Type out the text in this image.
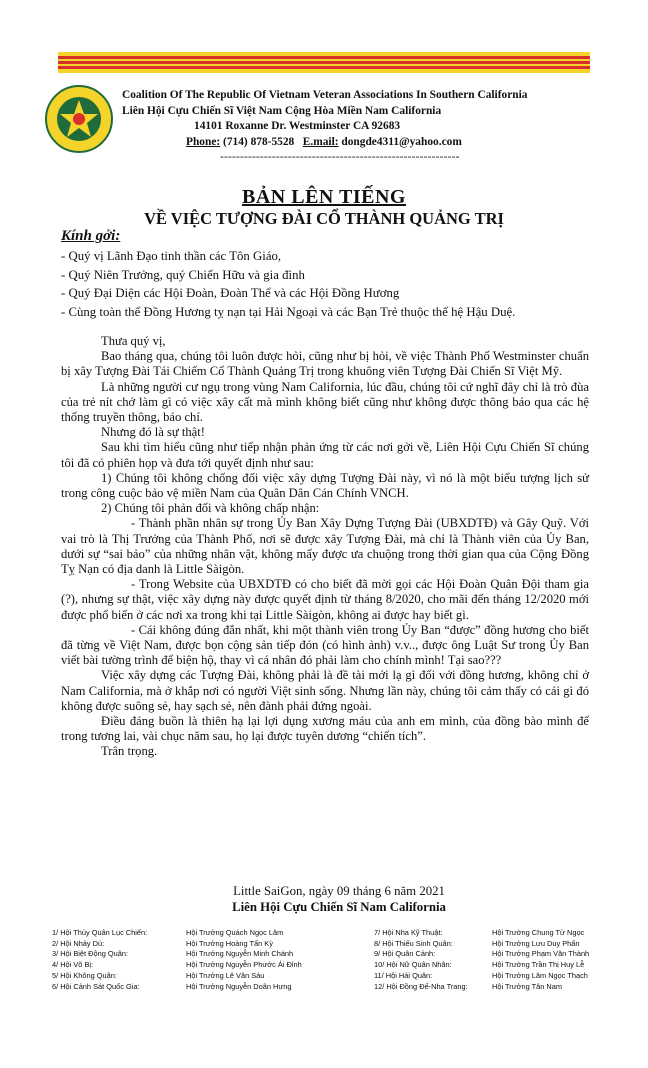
Coalition Of The Republic Of Vietnam Veteran Associations In Southern California
Liên Hội Cựu Chiến Sĩ Việt Nam Cộng Hòa Miền Nam California
14101 Roxanne Dr. Westminster CA 92683
Phone: (714) 878-5528 E.mail: dongde4311@yahoo.com
------------------------------------------------------------
BẢN LÊN TIẾNG
VỀ VIỆC TƯỢNG ĐÀI CỔ THÀNH QUẢNG TRỊ
Kính gởi:
- Quý vị Lãnh Đạo tinh thần các Tôn Giáo,
- Quý Niên Trưởng, quý Chiến Hữu và gia đình
- Quý Đại Diện các Hội Đoàn, Đoàn Thể và các Hội Đồng Hương
- Cùng toàn thể Đồng Hương tỵ nạn tại Hải Ngoại và các Bạn Trẻ thuộc thế hệ Hậu Duệ.

Thưa quý vị,

Bao tháng qua, chúng tôi luôn được hỏi, cũng như bị hỏi, về việc Thành Phố Westminster chuẩn bị xây Tượng Đài Tái Chiếm Cổ Thành Quảng Trị trong khuông viên Tượng Đài Chiến Sĩ Việt Mỹ.

Là những người cư ngụ trong vùng Nam California, lúc đầu, chúng tôi cứ nghĩ đây chỉ là trò đùa của trẻ nít chớ làm gì có việc xây cất mà mình không biết cũng như không được thông báo qua các hệ thống truyền thông, báo chí.

Nhưng đó là sự thật!

Sau khi tìm hiểu cũng như tiếp nhận phản ứng từ các nơi gởi về, Liên Hội Cựu Chiến Sĩ chúng tôi đã có phiên họp và đưa tới quyết định như sau:

1) Chúng tôi không chống đối việc xây dựng Tượng Đài này, vì nó là một biểu tượng lịch sử trong công cuộc bảo vệ miền Nam của Quân Dân Cán Chính VNCH.

2) Chúng tôi phản đối và không chấp nhận:

- Thành phần nhân sự trong Ủy Ban Xây Dựng Tượng Đài (UBXDTĐ) và Gây Quỹ. Với vai trò là Thị Trưởng của Thành Phố, nơi sẽ được xây Tượng Đài, mà chỉ là Thành viên của Ủy Ban, dưới sự “sai bảo” của những nhân vật, không mấy được ưa chuộng trong thời gian qua của Cộng Đồng Tỵ Nạn có địa danh là Little Sàigòn.

- Trong Website của UBXDTĐ có cho biết đã mời gọi các Hội Đoàn Quân Đội tham gia (?), nhưng sự thật, việc xây dựng này được quyết định từ tháng 8/2020, cho mãi đến tháng 12/2020 mới được phổ biến ở các nơi xa trong khi tại Little Sàigòn, không ai được hay biết gì.

- Cái không đúng đắn nhất, khi một thành viên trong Ủy Ban “được” đồng hương cho biết đã từng về Việt Nam, được bọn cộng sản tiếp đón (có hình ảnh) v.v.., được ông Luật Sư trong Ủy Ban viết bài tường trình để biện hộ, thay vì cá nhân đó phải làm cho chính mình! Tại sao???

Việc xây dựng các Tượng Đài, không phải là đề tài mới lạ gì đối với đồng hương, không chỉ ở Nam California, mà ở khắp nơi có người Việt sinh sống. Nhưng lần này, chúng tôi cảm thấy có cái gì đó không được suông sẻ, hay sạch sẻ, nên đành phải đứng ngoài.

Điều đáng buồn là thiên hạ lại lợi dụng xương máu của anh em mình, của đồng bào mình để trong tương lai, vài chục năm sau, họ lại được tuyên dương “chiến tích”.

Trân trọng.

Little SaiGon, ngày 09 tháng 6 năm 2021
Liên Hội Cựu Chiến Sĩ Nam California
1/ Hội Thủy Quân Lục Chiến:	Hội Trưởng Quách Ngọc Lâm
2/ Hội Nhảy Dù:	Hội Trưởng Hoàng Tấn Kỳ
3/ Hội Biệt Động Quân:	Hội Trưởng Nguyễn Minh Chánh
4/ Hội Võ Bị:	Hội Trưởng Nguyễn Phước Ái Đỉnh
5/ Hội Không Quân:	Hội Trưởng Lê Văn Sáu
6/ Hội Cảnh Sát Quốc Gia:	Hội Trưởng Nguyễn Doãn Hưng
7/ Hội Nha Kỹ Thuật:	Hội Trưởng Chung Tử Ngọc
8/ Hội Thiếu Sinh Quân:	Hội Trưởng Lưu Duy Phấn
9/ Hội Quân Cảnh:	Hội Trưởng Phạm Văn Thành
10/ Hội Nữ Quân Nhân:	Hội Trưởng Trần Thị Huy Lễ
11/ Hội Hải Quân:	Hội Trưởng Lâm Ngọc Thạch
12/ Hội Đồng Đế-Nha Trang:	Hội Trưởng Tân Nam
